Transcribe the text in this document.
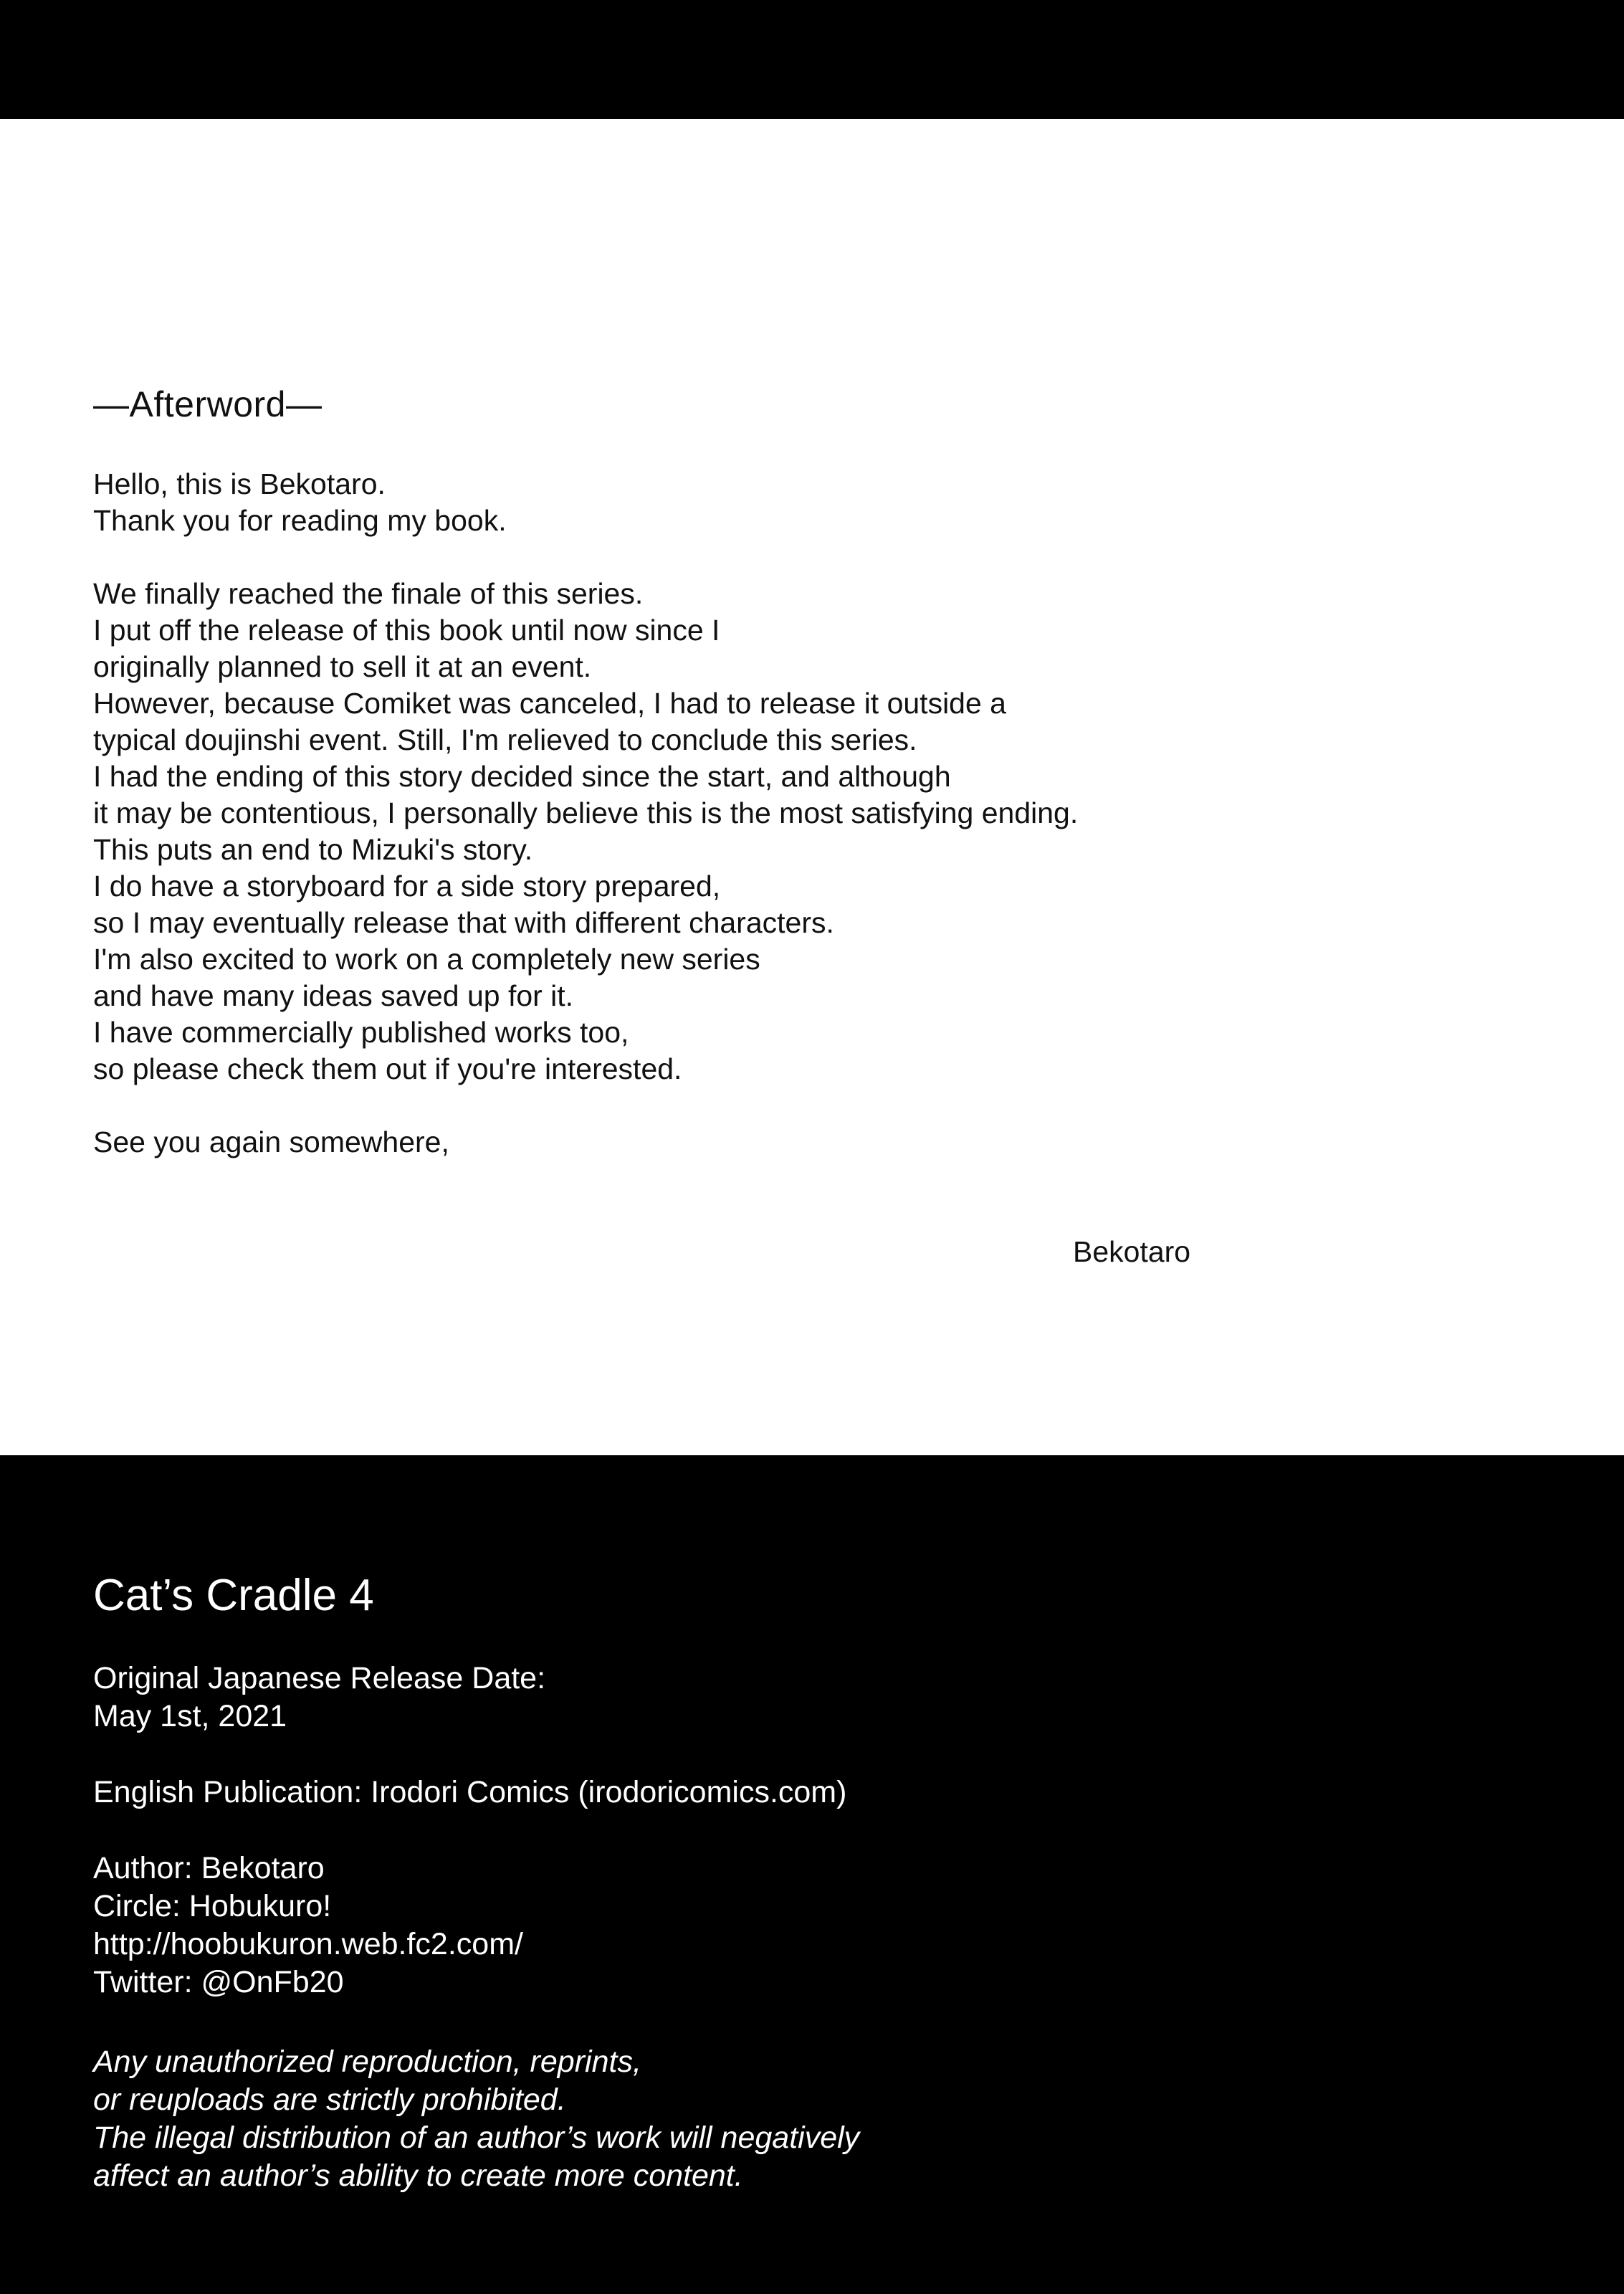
—Afterword—
Hello, this is Bekotaro.
Thank you for reading my book.
We finally reached the finale of this series.
I put off the release of this book until now since I
originally planned to sell it at an event.
However, because Comiket was canceled, I had to release it outside a
typical doujinshi event. Still, I'm relieved to conclude this series.
I had the ending of this story decided since the start, and although
it may be contentious, I personally believe this is the most satisfying ending.
This puts an end to Mizuki's story.
I do have a storyboard for a side story prepared,
so I may eventually release that with different characters.
I'm also excited to work on a completely new series
and have many ideas saved up for it.
I have commercially published works too,
so please check them out if you're interested.
See you again somewhere,
Bekotaro
Cat’s Cradle 4
Original Japanese Release Date:
May 1st, 2021
English Publication: Irodori Comics (irodoricomics.com)
Author: Bekotaro
Circle: Hobukuro!
http://hoobukuron.web.fc2.com/
Twitter: @OnFb20
Any unauthorized reproduction, reprints,
or reuploads are strictly prohibited.
The illegal distribution of an author’s work will negatively
affect an author’s ability to create more content.
